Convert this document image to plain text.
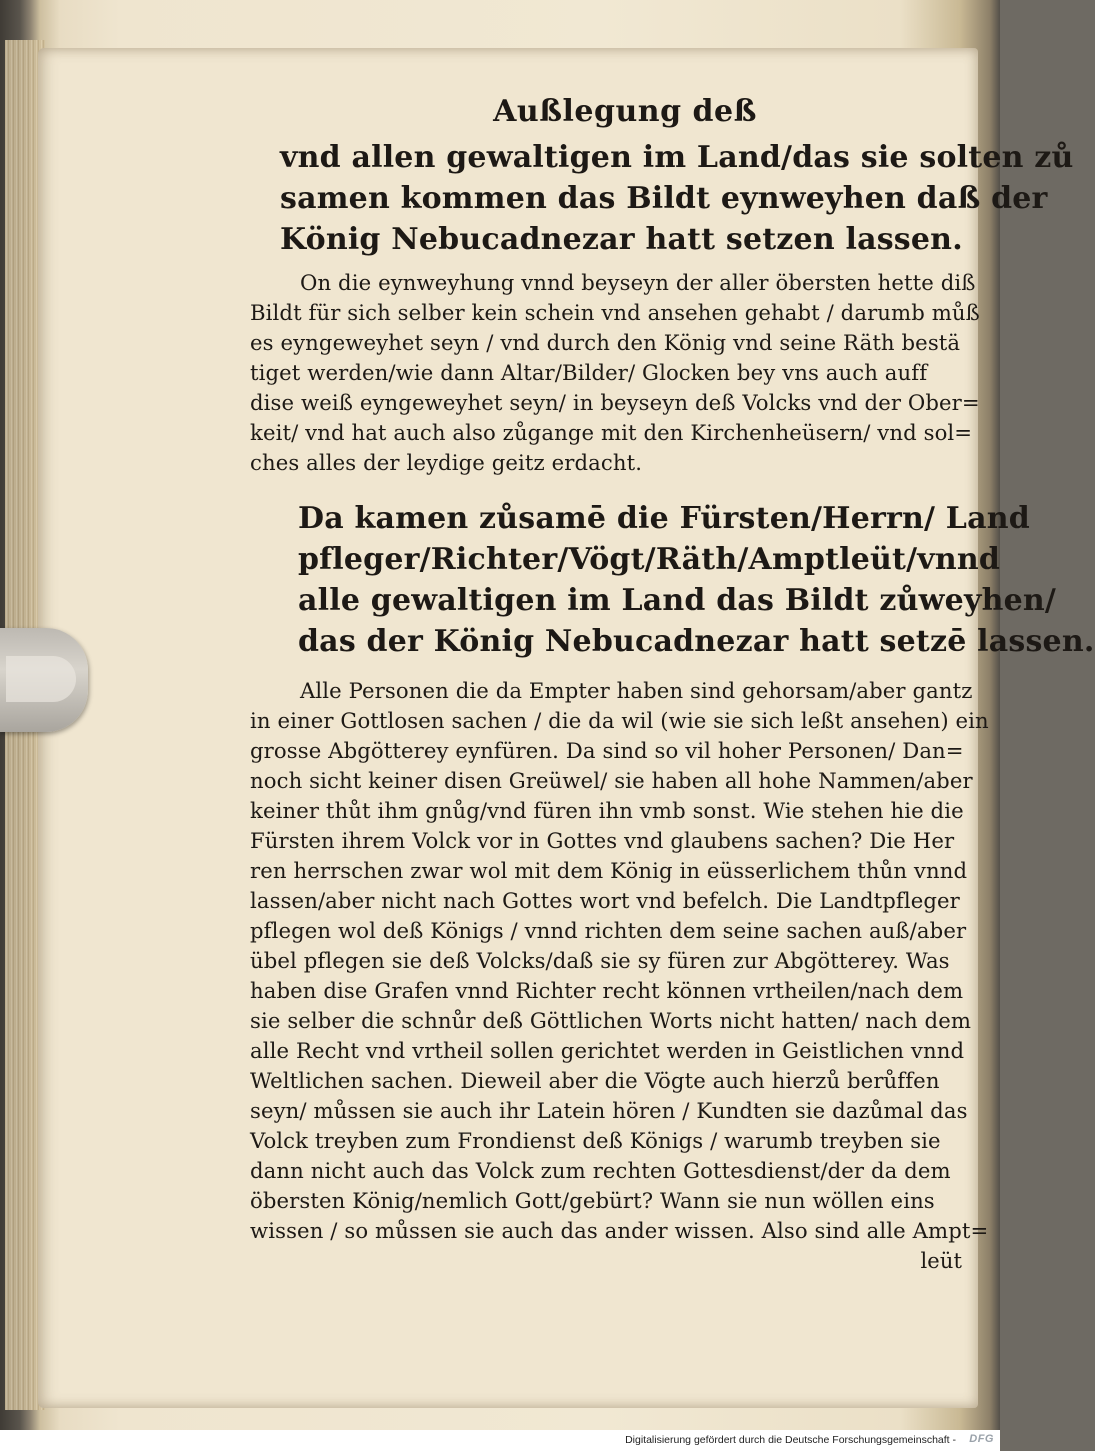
Außlegung deß
vnd allen gewaltigen im Land/das sie solten zů
samen kommen das Bildt eynweyhen daß der
König Nebucadnezar hatt setzen lassen.
On die eynweyhung vnnd beyseyn der aller öbersten hette diß
Bildt für sich selber kein schein vnd ansehen gehabt / darumb můß
es eyngeweyhet seyn / vnd durch den König vnd seine Räth bestä
tiget werden/wie dann Altar/Bilder/ Glocken bey vns auch auff
dise weiß eyngeweyhet seyn/ in beyseyn deß Volcks vnd der Ober=
keit/ vnd hat auch also zůgange mit den Kirchenheüsern/ vnd sol=
ches alles der leydige geitz erdacht.
Da kamen zůsamē die Fürsten/Herrn/ Land
pfleger/Richter/Vögt/Räth/Amptleüt/vnnd
alle gewaltigen im Land das Bildt zůweyhen/
das der König Nebucadnezar hatt setzē lassen.
Alle Personen die da Empter haben sind gehorsam/aber gantz
in einer Gottlosen sachen / die da wil (wie sie sich leßt ansehen) ein
grosse Abgötterey eynfüren. Da sind so vil hoher Personen/ Dan=
noch sicht keiner disen Greüwel/ sie haben all hohe Nammen/aber
keiner thůt ihm gnůg/vnd füren ihn vmb sonst. Wie stehen hie die
Fürsten ihrem Volck vor in Gottes vnd glaubens sachen? Die Her
ren herrschen zwar wol mit dem König in eüsserlichem thůn vnnd
lassen/aber nicht nach Gottes wort vnd befelch. Die Landtpfleger
pflegen wol deß Königs / vnnd richten dem seine sachen auß/aber
übel pflegen sie deß Volcks/daß sie sy füren zur Abgötterey. Was
haben dise Grafen vnnd Richter recht können vrtheilen/nach dem
sie selber die schnůr deß Göttlichen Worts nicht hatten/ nach dem
alle Recht vnd vrtheil sollen gerichtet werden in Geistlichen vnnd
Weltlichen sachen. Dieweil aber die Vögte auch hierzů berůffen
seyn/ můssen sie auch ihr Latein hören / Kundten sie dazůmal das
Volck treyben zum Frondienst deß Königs / warumb treyben sie
dann nicht auch das Volck zum rechten Gottesdienst/der da dem
öbersten König/nemlich Gott/gebürt? Wann sie nun wöllen eins
wissen / so můssen sie auch das ander wissen. Also sind alle Ampt=
leüt
Digitalisierung gefördert durch die Deutsche Forschungsgemeinschaft - DFG
